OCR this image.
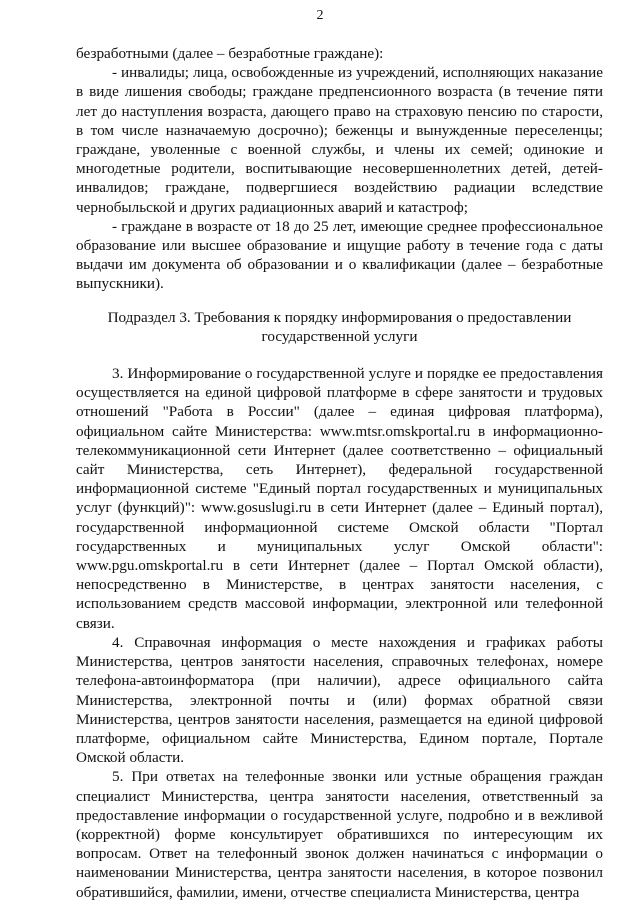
2

безработными (далее – безработные граждане):

- инвалиды; лица, освобожденные из учреждений, исполняющих наказание в виде лишения свободы; граждане предпенсионного возраста (в течение пяти лет до наступления возраста, дающего право на страховую пенсию по старости, в том числе назначаемую досрочно); беженцы и вынужденные переселенцы; граждане, уволенные с военной службы, и члены их семей; одинокие и многодетные родители, воспитывающие несовершеннолетних детей, детей-инвалидов; граждане, подвергшиеся воздействию радиации вследствие чернобыльской и других радиационных аварий и катастроф;

- граждане в возрасте от 18 до 25 лет, имеющие среднее профессиональное образование или высшее образование и ищущие работу в течение года с даты выдачи им документа об образовании и о квалификации (далее – безработные выпускники).

Подраздел 3. Требования к порядку информирования о предоставлении государственной услуги

3. Информирование о государственной услуге и порядке ее предоставления осуществляется на единой цифровой платформе в сфере занятости и трудовых отношений "Работа в России" (далее – единая цифровая платформа), официальном сайте Министерства: www.mtsr.omskportal.ru в информационно-телекоммуникационной сети Интернет (далее соответственно – официальный сайт Министерства, сеть Интернет), федеральной государственной информационной системе "Единый портал государственных и муниципальных услуг (функций)": www.gosuslugi.ru в сети Интернет (далее – Единый портал), государственной информационной системе Омской области "Портал государственных и муниципальных услуг Омской области": www.pgu.omskportal.ru в сети Интернет (далее – Портал Омской области), непосредственно в Министерстве, в центрах занятости населения, с использованием средств массовой информации, электронной или телефонной связи.

4. Справочная информация о месте нахождения и графиках работы Министерства, центров занятости населения, справочных телефонах, номере телефона-автоинформатора (при наличии), адресе официального сайта Министерства, электронной почты и (или) формах обратной связи Министерства, центров занятости населения, размещается на единой цифровой платформе, официальном сайте Министерства, Едином портале, Портале Омской области.

5. При ответах на телефонные звонки или устные обращения граждан специалист Министерства, центра занятости населения, ответственный за предоставление информации о государственной услуге, подробно и в вежливой (корректной) форме консультирует обратившихся по интересующим их вопросам. Ответ на телефонный звонок должен начинаться с информации о наименовании Министерства, центра занятости населения, в которое позвонил обратившийся, фамилии, имени, отчестве специалиста Министерства, центра
